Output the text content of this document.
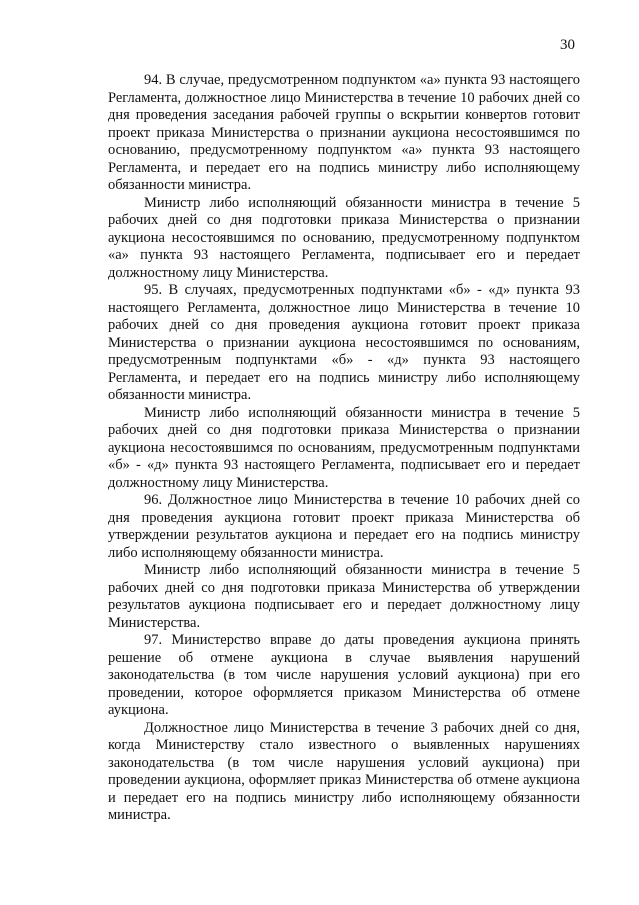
30

94. В случае, предусмотренном подпунктом «а» пункта 93 настоящего Регламента, должностное лицо Министерства в течение 10 рабочих дней со дня проведения заседания рабочей группы о вскрытии конвертов готовит проект приказа Министерства о признании аукциона несостоявшимся по основанию, предусмотренному подпунктом «а» пункта 93 настоящего Регламента, и передает его на подпись министру либо исполняющему обязанности министра.

Министр либо исполняющий обязанности министра в течение 5 рабочих дней со дня подготовки приказа Министерства о признании аукциона несостоявшимся по основанию, предусмотренному подпунктом «а» пункта 93 настоящего Регламента, подписывает его и передает должностному лицу Министерства.

95. В случаях, предусмотренных подпунктами «б» - «д» пункта 93 настоящего Регламента, должностное лицо Министерства в течение 10 рабочих дней со дня проведения аукциона готовит проект приказа Министерства о признании аукциона несостоявшимся по основаниям, предусмотренным подпунктами «б» - «д» пункта 93 настоящего Регламента, и передает его на подпись министру либо исполняющему обязанности министра.

Министр либо исполняющий обязанности министра в течение 5 рабочих дней со дня подготовки приказа Министерства о признании аукциона несостоявшимся по основаниям, предусмотренным подпунктами «б» - «д» пункта 93 настоящего Регламента, подписывает его и передает должностному лицу Министерства.

96. Должностное лицо Министерства в течение 10 рабочих дней со дня проведения аукциона готовит проект приказа Министерства об утверждении результатов аукциона и передает его на подпись министру либо исполняющему обязанности министра.

Министр либо исполняющий обязанности министра в течение 5 рабочих дней со дня подготовки приказа Министерства об утверждении результатов аукциона подписывает его и передает должностному лицу Министерства.

97. Министерство вправе до даты проведения аукциона принять решение об отмене аукциона в случае выявления нарушений законодательства (в том числе нарушения условий аукциона) при его проведении, которое оформляется приказом Министерства об отмене аукциона.

Должностное лицо Министерства в течение 3 рабочих дней со дня, когда Министерству стало известного о выявленных нарушениях законодательства (в том числе нарушения условий аукциона) при проведении аукциона, оформляет приказ Министерства об отмене аукциона и передает его на подпись министру либо исполняющему обязанности министра.
